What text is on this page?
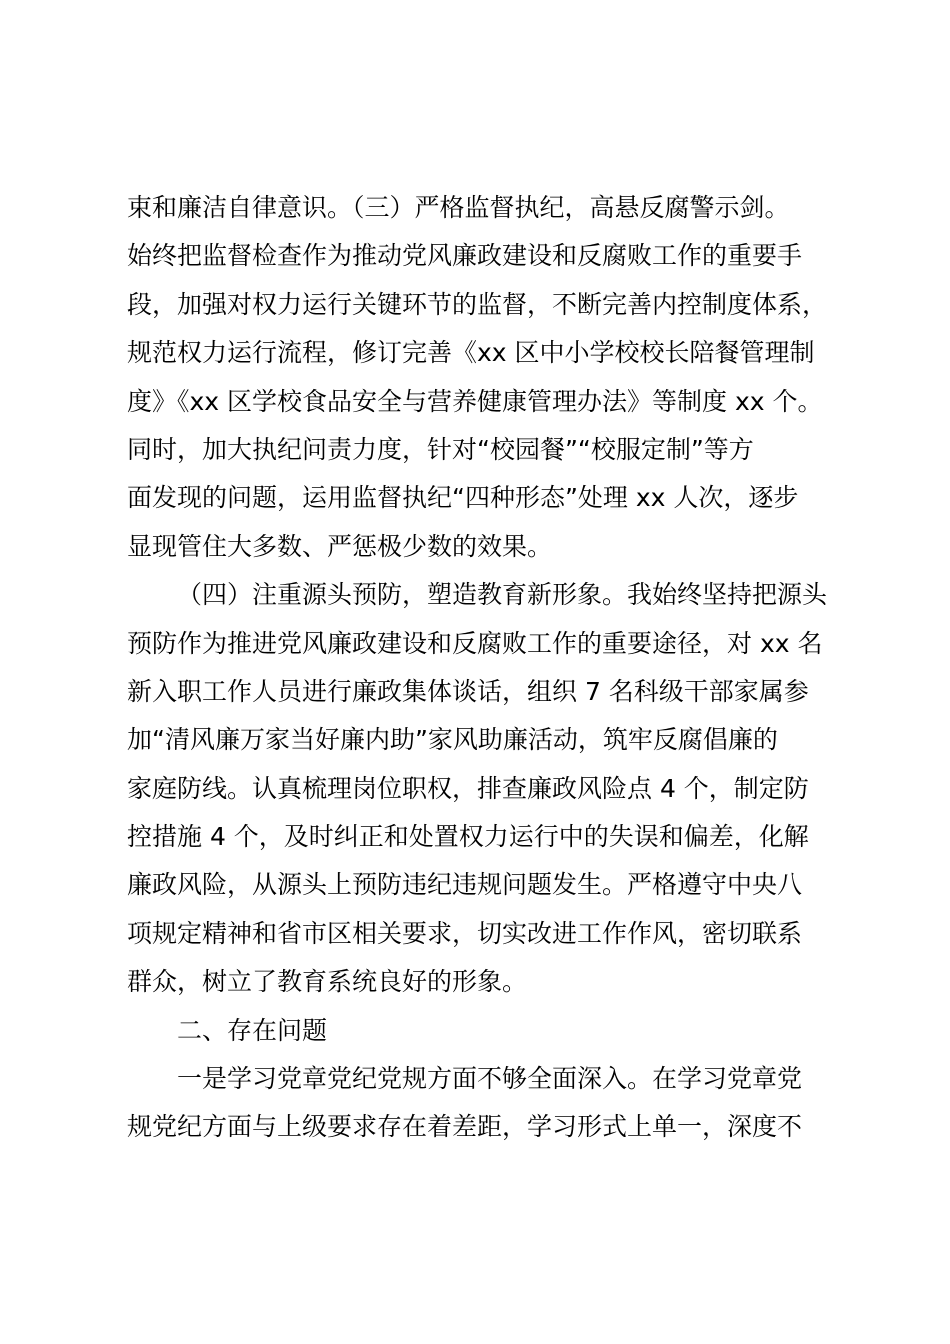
束和廉洁自律意识。（三）严格监督执纪，高悬反腐警示剑。
始终把监督检查作为推动党风廉政建设和反腐败工作的重要手
段，加强对权力运行关键环节的监督，不断完善内控制度体系，
规范权力运行流程，修订完善《xx 区中小学校校长陪餐管理制
度》《xx 区学校食品安全与营养健康管理办法》等制度 xx 个。
同时，加大执纪问责力度，针对“校园餐”“校服定制”等方
面发现的问题，运用监督执纪“四种形态”处理 xx 人次，逐步
显现管住大多数、严惩极少数的效果。
（四）注重源头预防，塑造教育新形象。我始终坚持把源头
预防作为推进党风廉政建设和反腐败工作的重要途径，对 xx 名
新入职工作人员进行廉政集体谈话，组织 7 名科级干部家属参
加“清风廉万家当好廉内助”家风助廉活动，筑牢反腐倡廉的
家庭防线。认真梳理岗位职权，排查廉政风险点 4 个，制定防
控措施 4 个，及时纠正和处置权力运行中的失误和偏差，化解
廉政风险，从源头上预防违纪违规问题发生。严格遵守中央八
项规定精神和省市区相关要求，切实改进工作作风，密切联系
群众，树立了教育系统良好的形象。
二、存在问题
一是学习党章党纪党规方面不够全面深入。在学习党章党
规党纪方面与上级要求存在着差距，学习形式上单一，深度不
